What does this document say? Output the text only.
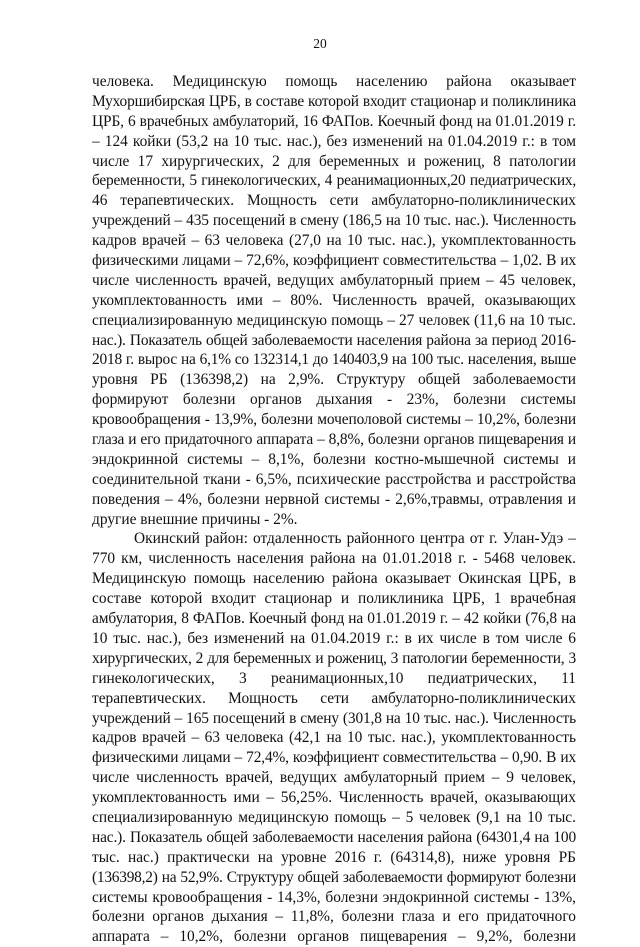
20
человека. Медицинскую помощь населению района оказывает
Мухоршибирская ЦРБ, в составе которой входит стационар и поликлиника
ЦРБ, 6 врачебных амбулаторий, 16 ФАПов. Коечный фонд на 01.01.2019 г.
– 124 койки (53,2 на 10 тыс. нас.), без изменений на 01.04.2019 г.: в том
числе 17 хирургических, 2 для беременных и рожениц, 8 патологии
беременности, 5 гинекологических, 4 реанимационных,20 педиатрических,
46 терапевтических. Мощность сети амбулаторно-поликлинических
учреждений – 435 посещений в смену (186,5 на 10 тыс. нас.). Численность
кадров врачей – 63 человека (27,0 на 10 тыс. нас.), укомплектованность
физическими лицами – 72,6%, коэффициент совместительства – 1,02. В их
числе численность врачей, ведущих амбулаторный прием – 45 человек,
укомплектованность ими – 80%. Численность врачей, оказывающих
специализированную медицинскую помощь – 27 человек (11,6 на 10 тыс.
нас.). Показатель общей заболеваемости населения района за период 2016-
2018 г. вырос на 6,1% со 132314,1 до 140403,9 на 100 тыс. населения, выше
уровня РБ (136398,2) на 2,9%. Структуру общей заболеваемости
формируют болезни органов дыхания - 23%, болезни системы
кровообращения - 13,9%, болезни мочеполовой системы – 10,2%, болезни
глаза и его придаточного аппарата – 8,8%, болезни органов пищеварения и
эндокринной системы – 8,1%, болезни костно-мышечной системы и
соединительной ткани - 6,5%, психические расстройства и расстройства
поведения – 4%, болезни нервной системы - 2,6%,травмы, отравления и
другие внешние причины - 2%.
Окинский район: отдаленность районного центра от г. Улан-Удэ –
770 км, численность населения района на 01.01.2018 г. - 5468 человек.
Медицинскую помощь населению района оказывает Окинская ЦРБ, в
составе которой входит стационар и поликлиника ЦРБ, 1 врачебная
амбулатория, 8 ФАПов. Коечный фонд на 01.01.2019 г. – 42 койки (76,8 на
10 тыс. нас.), без изменений на 01.04.2019 г.: в их числе в том числе 6
хирургических, 2 для беременных и рожениц, 3 патологии беременности, 3
гинекологических, 3 реанимационных,10 педиатрических, 11
терапевтических. Мощность сети амбулаторно-поликлинических
учреждений – 165 посещений в смену (301,8 на 10 тыс. нас.). Численность
кадров врачей – 63 человека (42,1 на 10 тыс. нас.), укомплектованность
физическими лицами – 72,4%, коэффициент совместительства – 0,90. В их
числе численность врачей, ведущих амбулаторный прием – 9 человек,
укомплектованность ими – 56,25%. Численность врачей, оказывающих
специализированную медицинскую помощь – 5 человек (9,1 на 10 тыс.
нас.). Показатель общей заболеваемости населения района (64301,4 на 100
тыс. нас.) практически на уровне 2016 г. (64314,8), ниже уровня РБ
(136398,2) на 52,9%. Структуру общей заболеваемости формируют болезни
системы кровообращения - 14,3%, болезни эндокринной системы - 13%,
болезни органов дыхания – 11,8%, болезни глаза и его придаточного
аппарата – 10,2%, болезни органов пищеварения – 9,2%, болезни
